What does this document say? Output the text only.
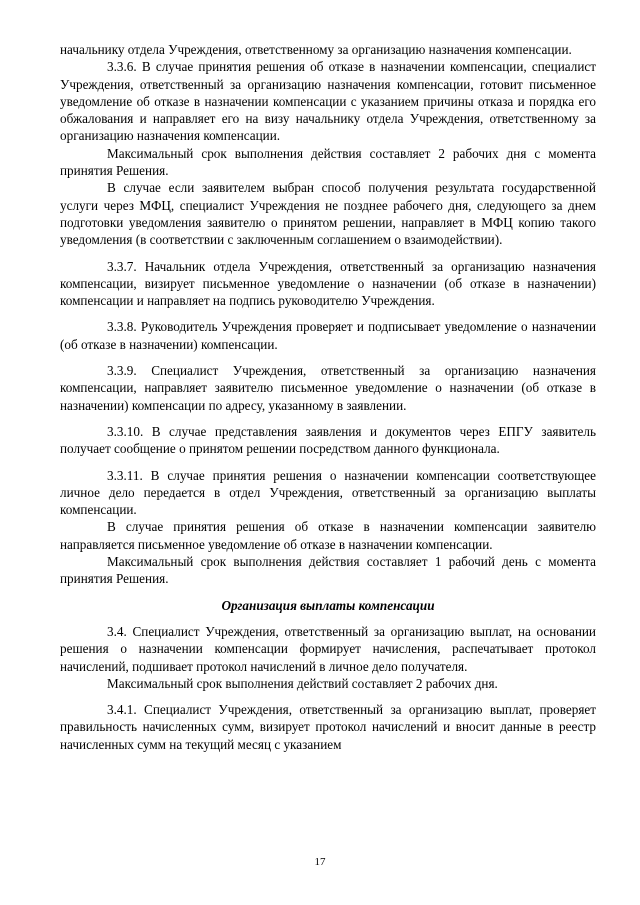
начальнику отдела Учреждения, ответственному за организацию назначения компенсации.

3.3.6. В случае принятия решения об отказе в назначении компенсации, специалист Учреждения, ответственный за организацию назначения компенсации, готовит письменное уведомление об отказе в назначении компенсации с указанием причины отказа и порядка его обжалования и направляет его на визу начальнику отдела Учреждения, ответственному за организацию назначения компенсации.

Максимальный срок выполнения действия составляет 2 рабочих дня с момента принятия Решения.

В случае если заявителем выбран способ получения результата государственной услуги через МФЦ, специалист Учреждения не позднее рабочего дня, следующего за днем подготовки уведомления заявителю о принятом решении, направляет в МФЦ копию такого уведомления (в соответствии с заключенным соглашением о взаимодействии).

3.3.7. Начальник отдела Учреждения, ответственный за организацию назначения компенсации, визирует письменное уведомление о назначении (об отказе в назначении) компенсации и направляет на подпись руководителю Учреждения.

3.3.8. Руководитель Учреждения проверяет и подписывает уведомление о назначении (об отказе в назначении) компенсации.

3.3.9. Специалист Учреждения, ответственный за организацию назначения компенсации, направляет заявителю письменное уведомление о назначении (об отказе в назначении) компенсации по адресу, указанному в заявлении.

3.3.10. В случае представления заявления и документов через ЕПГУ заявитель получает сообщение о принятом решении посредством данного функционала.

3.3.11. В случае принятия решения о назначении компенсации соответствующее личное дело передается в отдел Учреждения, ответственный за организацию выплаты компенсации.

В случае принятия решения об отказе в назначении компенсации заявителю направляется письменное уведомление об отказе в назначении компенсации.

Максимальный срок выполнения действия составляет 1 рабочий день с момента принятия Решения.

Организация выплаты компенсации

3.4. Специалист Учреждения, ответственный за организацию выплат, на основании решения о назначении компенсации формирует начисления, распечатывает протокол начислений, подшивает протокол начислений в личное дело получателя.

Максимальный срок выполнения действий составляет 2 рабочих дня.

3.4.1. Специалист Учреждения, ответственный за организацию выплат, проверяет правильность начисленных сумм, визирует протокол начислений и вносит данные в реестр начисленных сумм на текущий месяц с указанием

17
